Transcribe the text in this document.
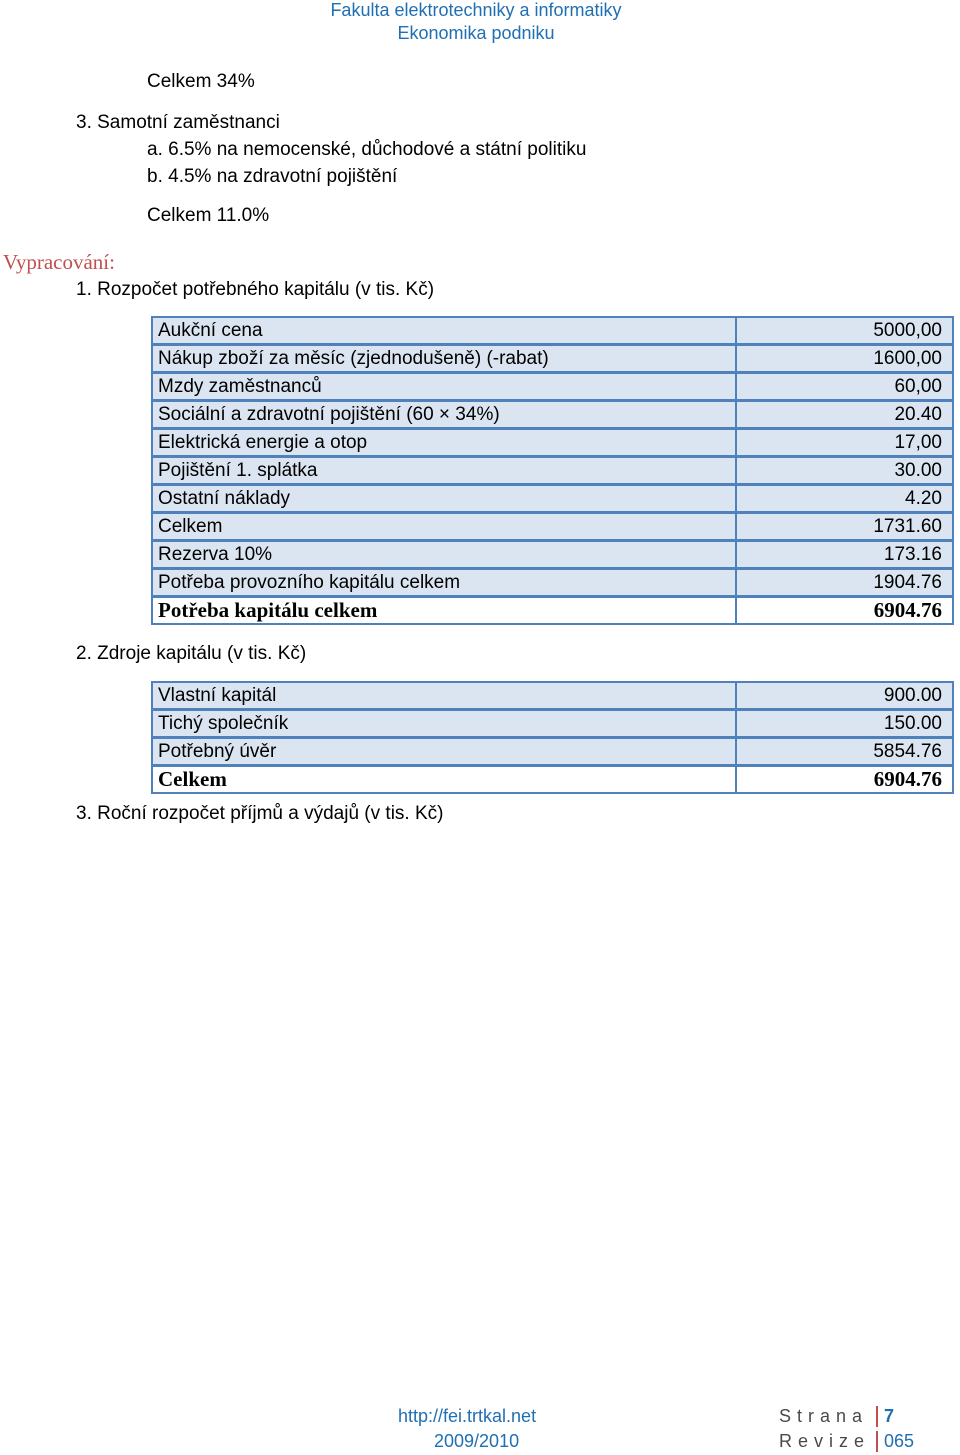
Fakulta elektrotechniky a informatiky
Ekonomika podniku
Celkem 34%
3. Samotní zaměstnanci
a. 6.5% na nemocenské, důchodové a státní politiku
b. 4.5% na zdravotní pojištění
Celkem 11.0%
Vypracování:
1. Rozpočet potřebného kapitálu (v tis. Kč)
Aukční cena	5000,00
Nákup zboží za měsíc (zjednodušeně) (-rabat)	1600,00
Mzdy zaměstnanců	60,00
Sociální a zdravotní pojištění (60 × 34%)	20.40
Elektrická energie a otop	17,00
Pojištění 1. splátka	30.00
Ostatní náklady	4.20
Celkem	1731.60
Rezerva 10%	173.16
Potřeba provozního kapitálu celkem	1904.76
Potřeba kapitálu celkem	6904.76
2. Zdroje kapitálu (v tis. Kč)
Vlastní kapitál	900.00
Tichý společník	150.00
Potřebný úvěr	5854.76
Celkem	6904.76
3. Roční rozpočet příjmů a výdajů (v tis. Kč)
http://fei.trtkal.net
2009/2010
Strana 7
Revize 065
